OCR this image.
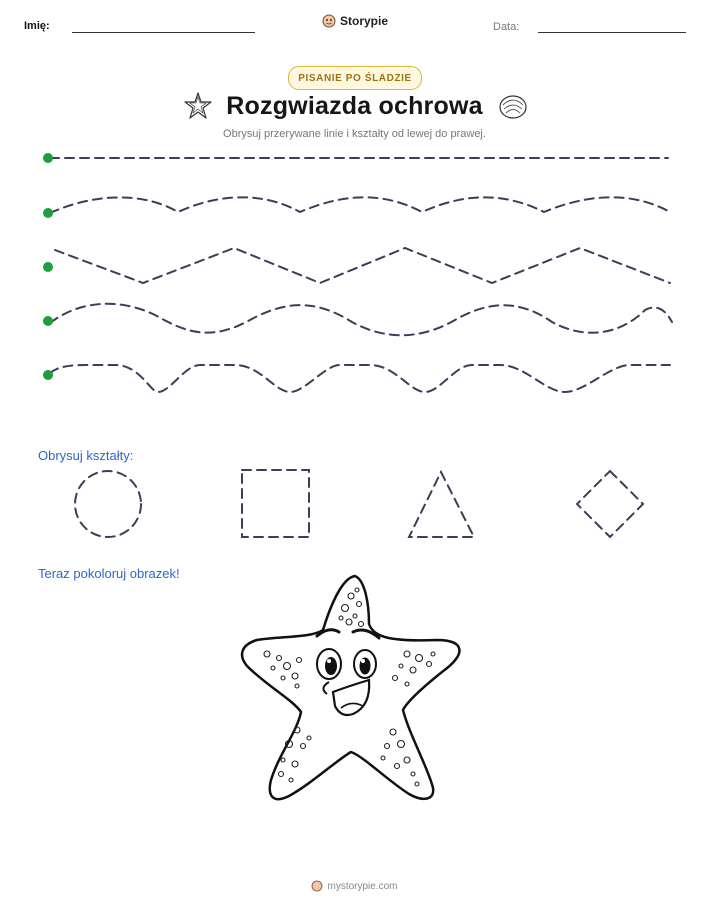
Imię:	Storypie	Data:
PISANIE PO ŚLADZIE
Rozgwiazda ochrowa
Obrysuj przerywane linie i kształty od lewej do prawej.
Obrysuj kształty:
Teraz pokoloruj obrazek!
mystorypie.com
